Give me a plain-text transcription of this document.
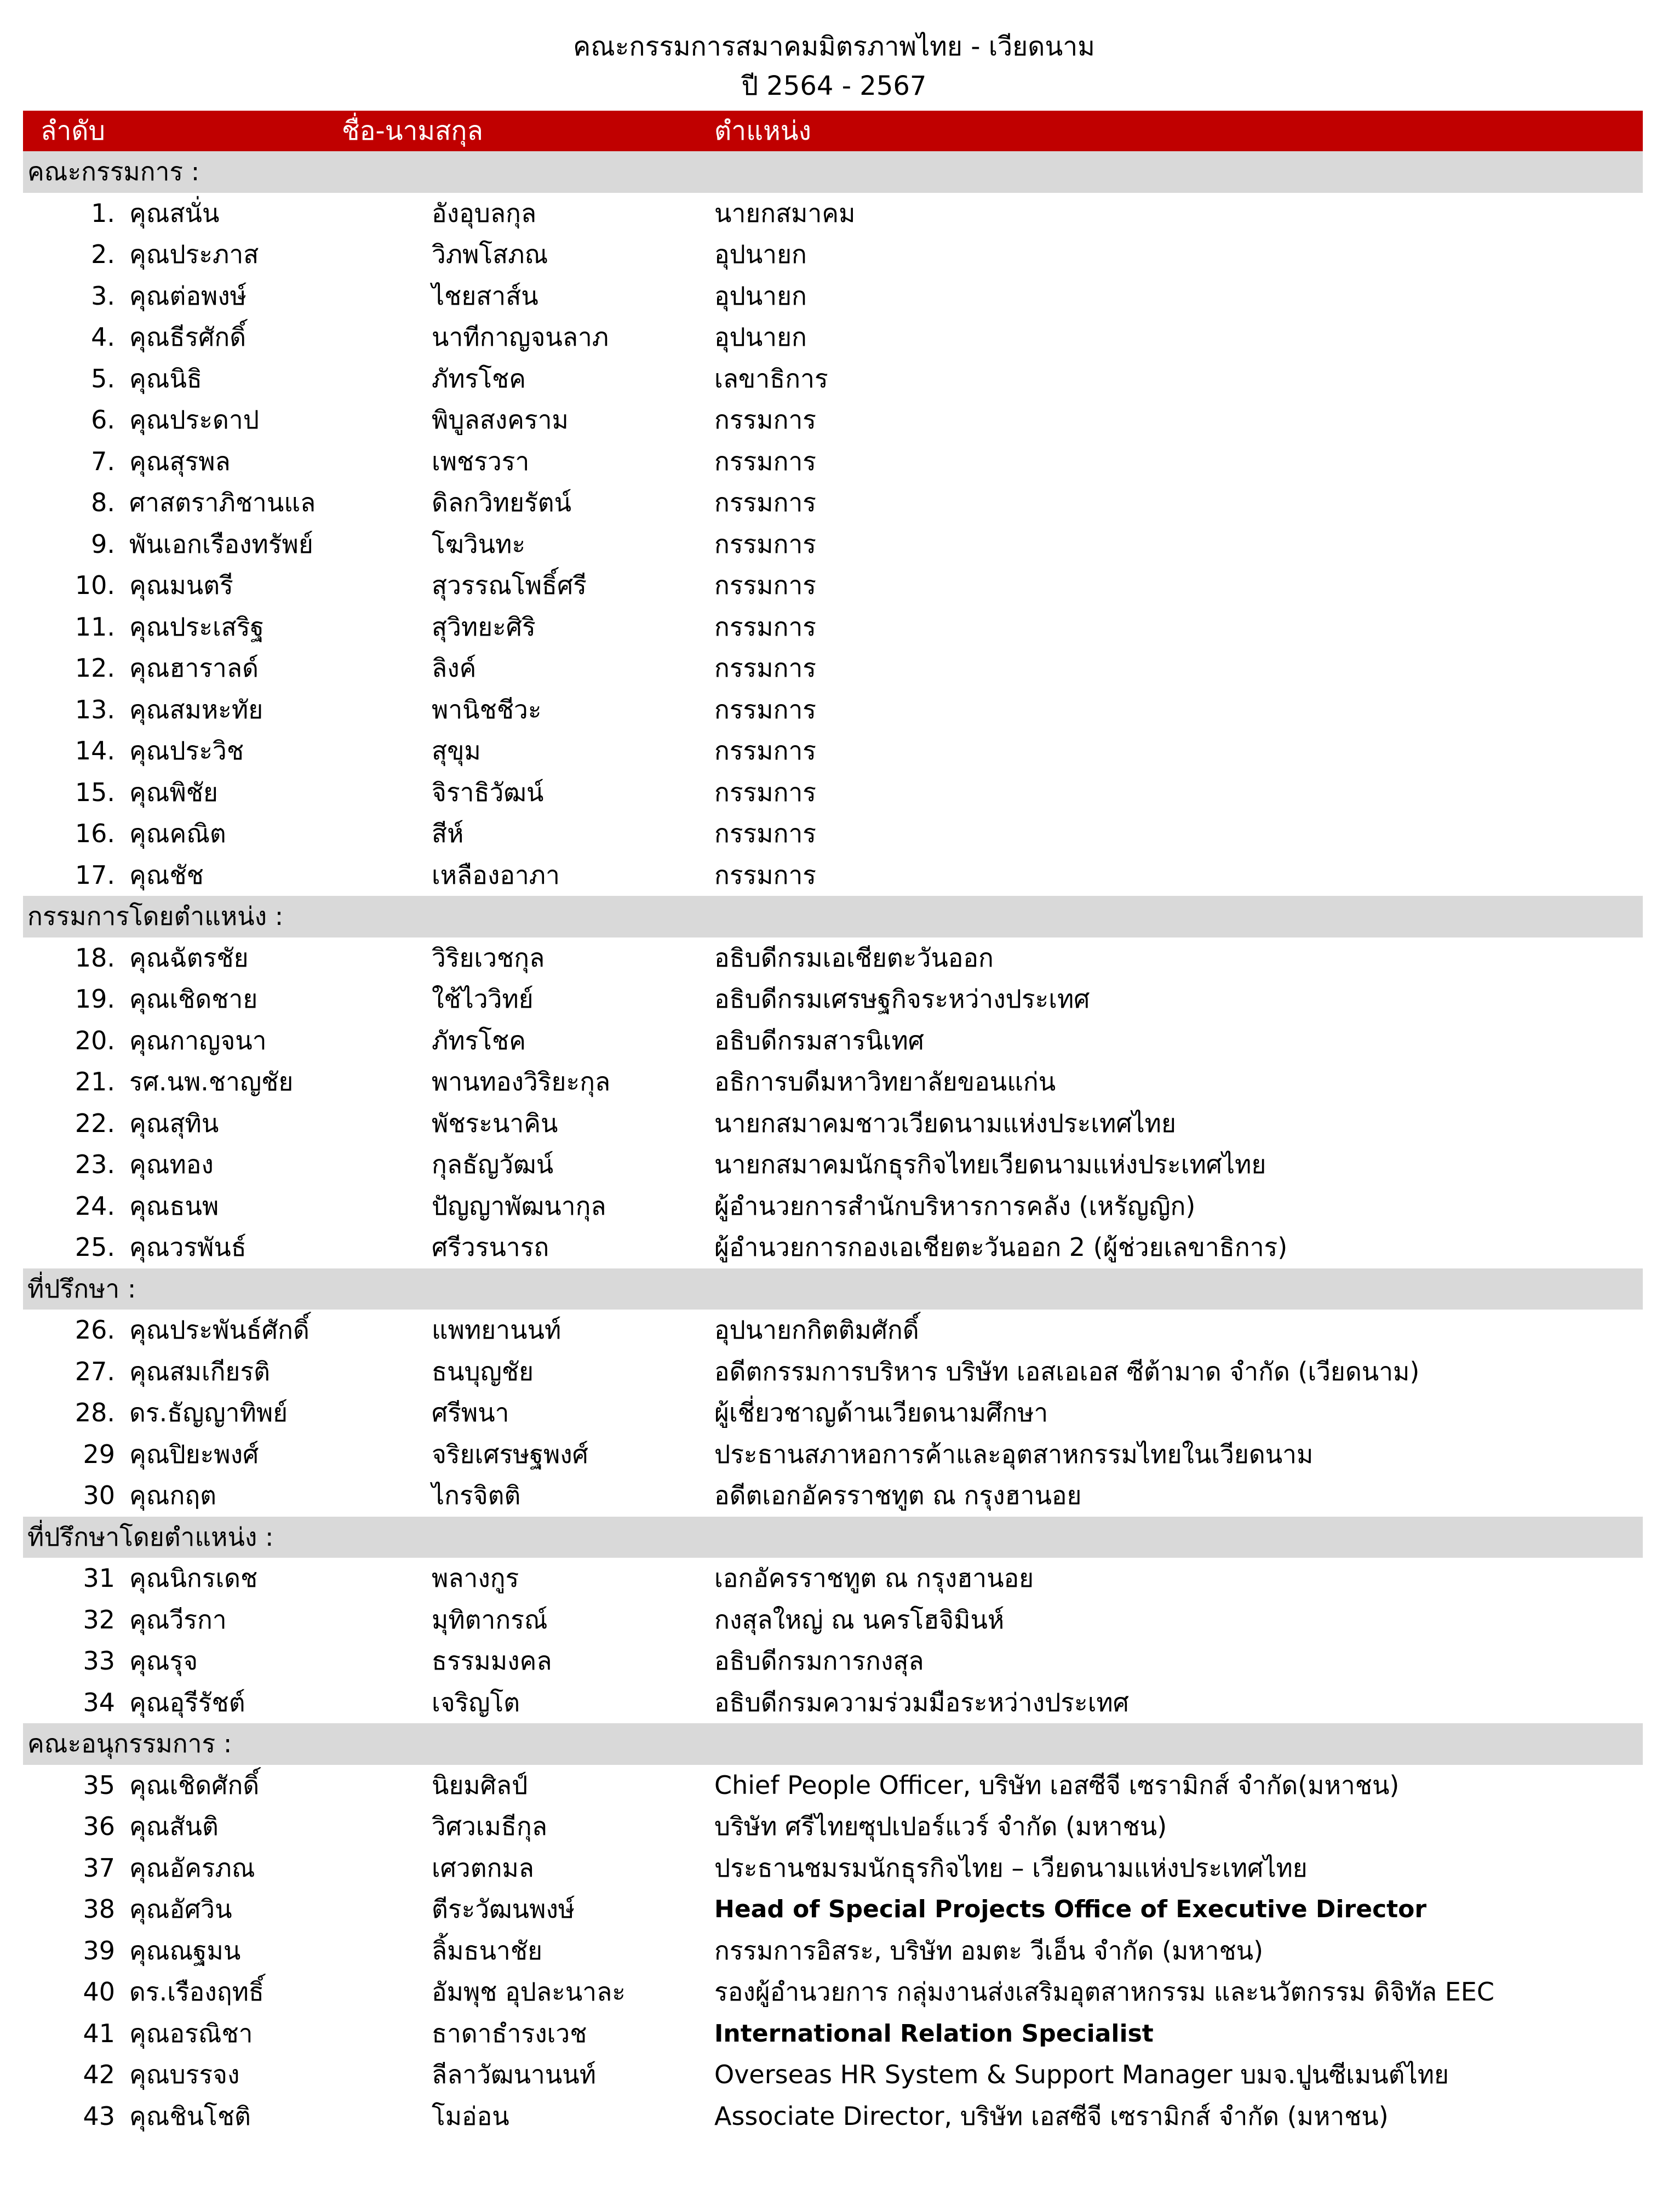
คณะกรรมการสมาคมมิตรภาพไทย - เวียดนาม
ปี 2564 - 2567
ลำดับ	ชื่อ-นามสกุล	ตำแหน่ง
คณะกรรมการ :
1. คุณสนั่น	อังอุบลกุล	นายกสมาคม
2. คุณประภาส	วิภพโสภณ	อุปนายก
3. คุณต่อพงษ์	ไชยสาส์น	อุปนายก
4. คุณธีรศักดิ์	นาทีกาญจนลาภ	อุปนายก
5. คุณนิธิ	ภัทรโชค	เลขาธิการ
6. คุณประดาป	พิบูลสงคราม	กรรมการ
7. คุณสุรพล	เพชรวรา	กรรมการ
8. ศาสตราภิชานแล	ดิลกวิทยรัตน์	กรรมการ
9. พันเอกเรืองทรัพย์	โฆวินทะ	กรรมการ
10. คุณมนตรี	สุวรรณโพธิ์ศรี	กรรมการ
11. คุณประเสริฐ	สุวิทยะศิริ	กรรมการ
12. คุณฮาราลด์	ลิงค์	กรรมการ
13. คุณสมหะทัย	พานิชชีวะ	กรรมการ
14. คุณประวิช	สุขุม	กรรมการ
15. คุณพิชัย	จิราธิวัฒน์	กรรมการ
16. คุณคณิต	สีห์	กรรมการ
17. คุณชัช	เหลืองอาภา	กรรมการ
กรรมการโดยตำแหน่ง :
18. คุณฉัตรชัย	วิริยเวชกุล	อธิบดีกรมเอเชียตะวันออก
19. คุณเชิดชาย	ใช้ไววิทย์	อธิบดีกรมเศรษฐกิจระหว่างประเทศ
20. คุณกาญจนา	ภัทรโชค	อธิบดีกรมสารนิเทศ
21. รศ.นพ.ชาญชัย	พานทองวิริยะกุล	อธิการบดีมหาวิทยาลัยขอนแก่น
22. คุณสุทิน	พัชระนาคิน	นายกสมาคมชาวเวียดนามแห่งประเทศไทย
23. คุณทอง	กุลธัญวัฒน์	นายกสมาคมนักธุรกิจไทยเวียดนามแห่งประเทศไทย
24. คุณธนพ	ปัญญาพัฒนากุล	ผู้อำนวยการสำนักบริหารการคลัง (เหรัญญิก)
25. คุณวรพันธ์	ศรีวรนารถ	ผู้อำนวยการกองเอเชียตะวันออก 2 (ผู้ช่วยเลขาธิการ)
ที่ปรึกษา :
26. คุณประพันธ์ศักดิ์	แพทยานนท์	อุปนายกกิตติมศักดิ์
27. คุณสมเกียรติ	ธนบุญชัย	อดีตกรรมการบริหาร บริษัท เอสเอเอส ซีต้ามาด จำกัด (เวียดนาม)
28. ดร.ธัญญาทิพย์	ศรีพนา	ผู้เชี่ยวชาญด้านเวียดนามศึกษา
29 คุณปิยะพงศ์	จริยเศรษฐพงศ์	ประธานสภาหอการค้าและอุตสาหกรรมไทยในเวียดนาม
30 คุณกฤต	ไกรจิตติ	อดีตเอกอัครราชทูต ณ กรุงฮานอย
ที่ปรึกษาโดยตำแหน่ง :
31 คุณนิกรเดช	พลางกูร	เอกอัครราชทูต ณ กรุงฮานอย
32 คุณวีรกา	มุทิตากรณ์	กงสุลใหญ่ ณ นครโฮจิมินห์
33 คุณรุจ	ธรรมมงคล	อธิบดีกรมการกงสุล
34 คุณอุรีรัชต์	เจริญโต	อธิบดีกรมความร่วมมือระหว่างประเทศ
คณะอนุกรรมการ :
35 คุณเชิดศักดิ์	นิยมศิลป์	Chief People Officer, บริษัท เอสซีจี เซรามิกส์ จำกัด(มหาชน)
36 คุณสันติ	วิศวเมธีกุล	บริษัท ศรีไทยซุปเปอร์แวร์ จำกัด (มหาชน)
37 คุณอัครภณ	เศวตกมล	ประธานชมรมนักธุรกิจไทย – เวียดนามแห่งประเทศไทย
38 คุณอัศวิน	ตีระวัฒนพงษ์	Head of Special Projects Office of Executive Director
39 คุณณฐมน	ลิ้มธนาชัย	กรรมการอิสระ, บริษัท อมตะ วีเอ็น จำกัด (มหาชน)
40 ดร.เรืองฤทธิ์	อัมพุช อุปละนาละ	รองผู้อำนวยการ กลุ่มงานส่งเสริมอุตสาหกรรม และนวัตกรรม ดิจิทัล EEC
41 คุณอรณิชา	ธาดาธำรงเวช	International Relation Specialist
42 คุณบรรจง	ลีลาวัฒนานนท์	Overseas HR System & Support Manager บมจ.ปูนซีเมนต์ไทย
43 คุณชินโชติ	โมอ่อน	Associate Director, บริษัท เอสซีจี เซรามิกส์ จำกัด (มหาชน)
